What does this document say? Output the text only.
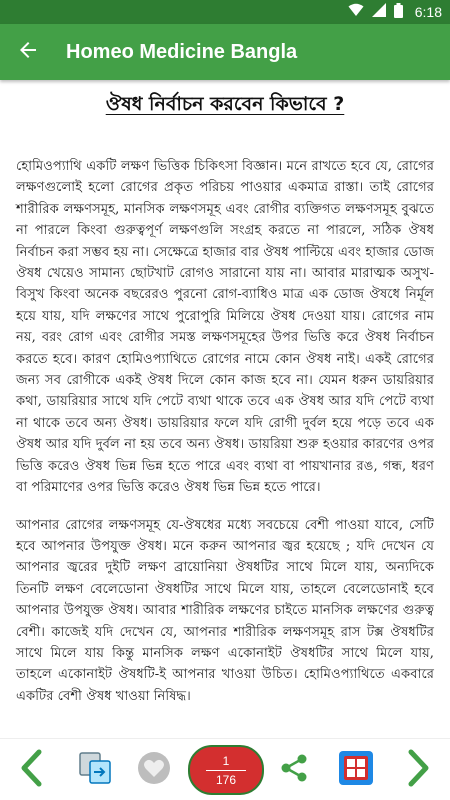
6:18
Homeo Medicine Bangla
ঔষধ নির্বাচন করবেন কিভাবে ?

হোমিওপ্যাথি একটি লক্ষণ ভিত্তিক চিকিৎসা বিজ্ঞান। মনে রাখতে হবে যে, রোগের লক্ষণগুলোই হলো রোগের প্রকৃত পরিচয় পাওয়ার একমাত্র রাস্তা। তাই রোগের শারীরিক লক্ষণসমূহ, মানসিক লক্ষণসমূহ এবং রোগীর ব্যক্তিগত লক্ষণসমূহ বুঝতে না পারলে কিংবা গুরুত্বপূর্ণ লক্ষণগুলি সংগ্রহ করতে না পারলে, সঠিক ঔষধ নির্বাচন করা সম্ভব হয় না। সেক্ষেত্রে হাজার বার ঔষধ পাল্টিয়ে এবং হাজার ডোজ ঔষধ খেয়েও সামান্য ছোটখাট রোগও সারানো যায় না। আবার মারাত্মক অসুখ-বিসুখ কিংবা অনেক বছরেরও পুরনো রোগ-ব্যাধিও মাত্র এক ডোজ ঔষধে নির্মূল হয়ে যায়, যদি লক্ষণের সাথে পুরোপুরি মিলিয়ে ঔষধ দেওয়া যায়। রোগের নাম নয়, বরং রোগ এবং রোগীর সমস্ত লক্ষণসমূহের উপর ভিত্তি করে ঔষধ নির্বাচন করতে হবে। কারণ হোমিওপ্যাথিতে রোগের নামে কোন ঔষধ নাই। একই রোগের জন্য সব রোগীকে একই ঔষধ দিলে কোন কাজ হবে না। যেমন ধরুন ডায়রিয়ার কথা, ডায়রিয়ার সাথে যদি পেটে ব্যথা থাকে তবে এক ঔষধ আর যদি পেটে ব্যথা না থাকে তবে অন্য ঔষধ। ডায়রিয়ার ফলে যদি রোগী দুর্বল হয়ে পড়ে তবে এক ঔষধ আর যদি দুর্বল না হয় তবে অন্য ঔষধ। ডায়রিয়া শুরু হওয়ার কারণের ওপর ভিত্তি করেও ঔষধ ভিন্ন ভিন্ন হতে পারে এবং ব্যথা বা পায়খানার রঙ, গন্ধ, ধরণ বা পরিমাণের ওপর ভিত্তি করেও ঔষধ ভিন্ন ভিন্ন হতে পারে।

আপনার রোগের লক্ষণসমূহ যে-ঔষধের মধ্যে সবচেয়ে বেশী পাওয়া যাবে, সেটি হবে আপনার উপযুক্ত ঔষধ। মনে করুন আপনার জ্বর হয়েছে ; যদি দেখেন যে আপনার জ্বরের দুইটি লক্ষণ ব্রায়োনিয়া ঔষধটির সাথে মিলে যায়, অন্যদিকে তিনটি লক্ষণ বেলেডোনা ঔষধটির সাথে মিলে যায়, তাহলে বেলেডোনাই হবে আপনার উপযুক্ত ঔষধ। আবার শারীরিক লক্ষণের চাইতে মানসিক লক্ষণের গুরুত্ব বেশী। কাজেই যদি দেখেন যে, আপনার শারীরিক লক্ষণসমূহ রাস টক্স ঔষধটির সাথে মিলে যায় কিন্তু মানসিক লক্ষণ একোনাইট ঔষধটির সাথে মিলে যায়, তাহলে একোনাইট ঔষধটি-ই আপনার খাওয়া উচিত। হোমিওপ্যাথিতে একবারে একটির বেশী ঔষধ খাওয়া নিষিদ্ধ।

1
176
